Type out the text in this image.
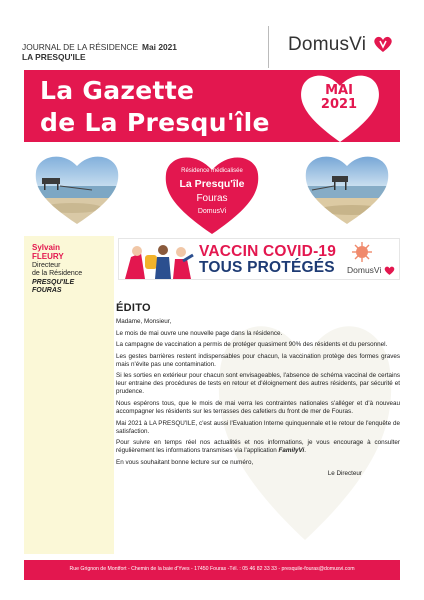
JOURNAL DE LA RÉSIDENCE Mai 2021
LA PRESQU'ILE
DomusVi
La Gazette
de La Presqu'île
MAI
2021
Résidence médicalisée
La Presqu'île
Fouras
DomusVi
Sylvain
FLEURY
Directeur
de la Résidence
PRESQU'ILE
FOURAS
VACCIN COVID-19
TOUS PROTÉGÉS DomusVi
ÉDITO

Madame, Monsieur,

Le mois de mai ouvre une nouvelle page dans la résidence.

La campagne de vaccination a permis de protéger quasiment 90% des résidents et du personnel.

Les gestes barrières restent indispensables pour chacun, la vaccination protège des formes graves mais n'évite pas une contamination.

Si les sorties en extérieur pour chacun sont envisageables, l'absence de schéma vaccinal de certains leur entraine des procédures de tests en retour et d'éloignement des autres résidents, par sécurité et prudence.

Nous espérons tous, que le mois de mai verra les contraintes nationales s'alléger et d'à nouveau accompagner les résidents sur les terrasses des cafetiers du front de mer de Fouras.

Mai 2021 à LA PRESQU'ILE, c'est aussi l'Evaluation Interne quinquennale et le retour de l'enquête de satisfaction.

Pour suivre en temps réel nos actualités et nos informations, je vous encourage à consulter régulièrement les informations transmises via l'application FamilyVi.

En vous souhaitant bonne lecture sur ce numéro,

Le Directeur

Rue Grignon de Montfort - Chemin de la baie d'Yves - 17450 Fouras -Tél. : 05 46 82 33 33 - presquile-fouras@domusvi.com
